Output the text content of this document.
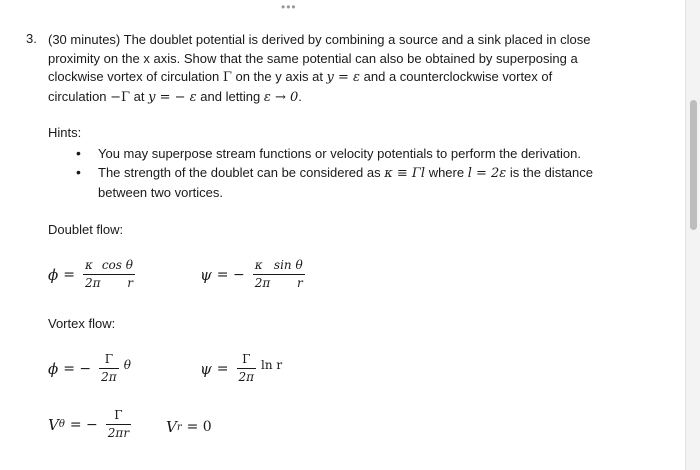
•••
3. (30 minutes) The doublet potential is derived by combining a source and a sink placed in close
proximity on the x axis. Show that the same potential can also be obtained by superposing a
clockwise vortex of circulation Γ on the y axis at y = ε and a counterclockwise vortex of
circulation −Γ at y = − ε and letting ε → 0.
Hints:
• You may superpose stream functions or velocity potentials to perform the derivation.
• The strength of the doublet can be considered as κ ≡ Γl where l = 2ε is the distance
between two vortices.
Doublet flow:
$\phi = \frac{\text{κ cos θ}}{\text{2π r}}$	ψ = − $\frac{\text{κ sin θ}}{\text{2π r}}$
Vortex flow:
ϕ = − $\frac{\Gamma}{2\pi}$ θ	$\psi = \frac{\Gamma}{2\pi}$ ln r
V θ = − $\frac{\Gamma}{2\pi r}$ V r = 0
